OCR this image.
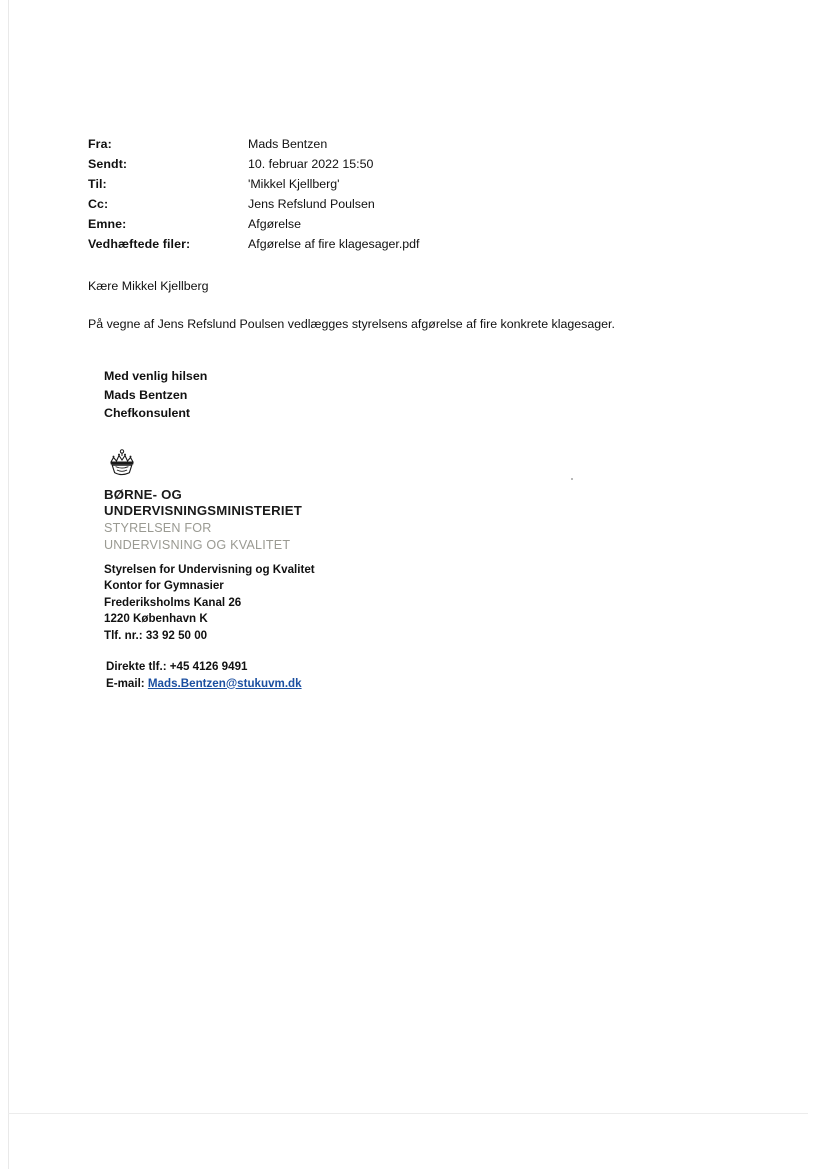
Fra:	Mads Bentzen
Sendt:	10. februar 2022 15:50
Til:	'Mikkel Kjellberg'
Cc:	Jens Refslund Poulsen
Emne:	Afgørelse
Vedhæftede filer:	Afgørelse af fire klagesager.pdf
Kære Mikkel Kjellberg
På vegne af Jens Refslund Poulsen vedlægges styrelsens afgørelse af fire konkrete klagesager.
Med venlig hilsen
Mads Bentzen
Chefkonsulent
BØRNE- OG
UNDERVISNINGSMINISTERIET
STYRELSEN FOR
UNDERVISNING OG KVALITET
Styrelsen for Undervisning og Kvalitet
Kontor for Gymnasier
Frederiksholms Kanal 26
1220 København K
Tlf. nr.: 33 92 50 00
Direkte tlf.: +45 4126 9491
E-mail: Mads.Bentzen@stukuvm.dk
